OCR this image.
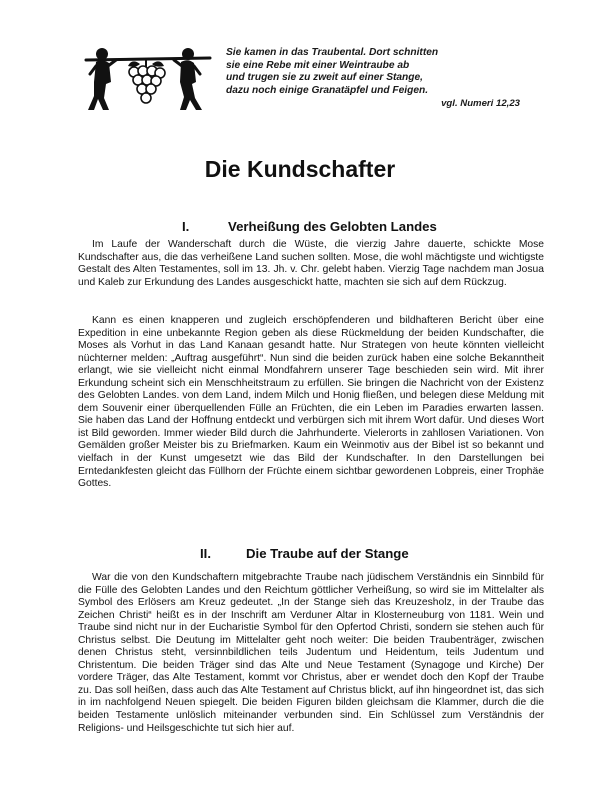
Sie kamen in das Traubental. Dort schnitten
sie eine Rebe mit einer Weintraube ab
und trugen sie zu zweit auf einer Stange,
dazu noch einige Granatäpfel und Feigen.
vgl. Numeri 12,23
Die Kundschafter
I.	Verheißung des Gelobten Landes

Im Laufe der Wanderschaft durch die Wüste, die vierzig Jahre dauerte, schickte Mose Kundschafter aus, die das verheißene Land suchen sollten. Mose, die wohl mächtigste und wichtigste Gestalt des Alten Testamentes, soll im 13. Jh. v. Chr. gelebt haben. Vierzig Tage nachdem man Josua und Kaleb zur Erkundung des Landes ausgeschickt hatte, machten sie sich auf dem Rückzug.

Kann es einen knapperen und zugleich erschöpfenderen und bildhafteren Bericht über eine Expedition in eine unbekannte Region geben als diese Rückmeldung der beiden Kundschafter, die Moses als Vorhut in das Land Kanaan gesandt hatte. Nur Strategen von heute könnten vielleicht nüchterner melden: „Auftrag ausgeführt“. Nun sind die beiden zurück haben eine solche Bekanntheit erlangt, wie sie vielleicht nicht einmal Mondfahrern unserer Tage beschieden sein wird. Mit ihrer Erkundung scheint sich ein Menschheitstraum zu erfüllen. Sie bringen die Nachricht von der Existenz des Gelobten Landes. von dem Land, indem Milch und Honig fließen, und belegen diese Meldung mit dem Souvenir einer überquellenden Fülle an Früchten, die ein Leben im Paradies erwarten lassen. Sie haben das Land der Hoffnung entdeckt und verbürgen sich mit ihrem Wort dafür. Und dieses Wort ist Bild geworden. Immer wieder Bild durch die Jahrhunderte. Vielerorts in zahllosen Variationen. Von Gemälden großer Meister bis zu Briefmarken. Kaum ein Weinmotiv aus der Bibel ist so bekannt und vielfach in der Kunst umgesetzt wie das Bild der Kundschafter. In den Darstellungen bei Erntedankfesten gleicht das Füllhorn der Früchte einem sichtbar gewordenen Lobpreis, einer Trophäe Gottes.

II.	Die Traube auf der Stange

War die von den Kundschaftern mitgebrachte Traube nach jüdischem Verständnis ein Sinnbild für die Fülle des Gelobten Landes und den Reichtum göttlicher Verheißung, so wird sie im Mittelalter als Symbol des Erlösers am Kreuz gedeutet. „In der Stange sieh das Kreuzesholz, in der Traube das Zeichen Christi“ heißt es in der Inschrift am Verduner Altar in Klosterneuburg von 1181. Wein und Traube sind nicht nur in der Eucharistie Symbol für den Opfertod Christi, sondern sie stehen auch für Christus selbst. Die Deutung im Mittelalter geht noch weiter: Die beiden Traubenträger, zwischen denen Christus steht, versinnbildlichen teils Judentum und Heidentum, teils Judentum und Christentum. Die beiden Träger sind das Alte und Neue Testament (Synagoge und Kirche) Der vordere Träger, das Alte Testament, kommt vor Christus, aber er wendet doch den Kopf der Traube zu. Das soll heißen, dass auch das Alte Testament auf Christus blickt, auf ihn hingeordnet ist, das sich in im nachfolgend Neuen spiegelt. Die beiden Figuren bilden gleichsam die Klammer, durch die die beiden Testamente unlöslich miteinander verbunden sind. Ein Schlüssel zum Verständnis der Religions- und Heilsgeschichte tut sich hier auf.
